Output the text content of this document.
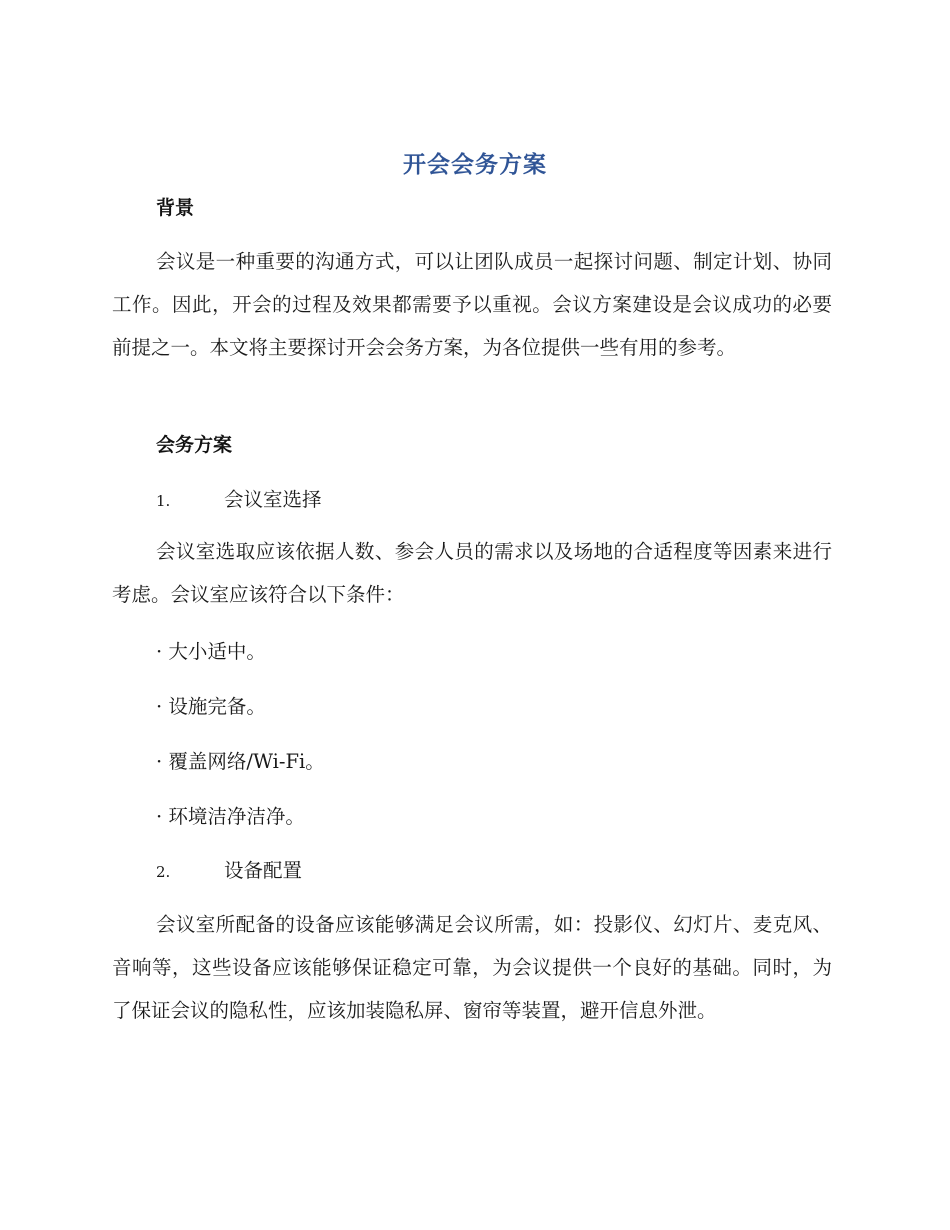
开会会务方案
背景
会议是一种重要的沟通方式，可以让团队成员一起探讨问题、制定计划、协同工作。因此，开会的过程及效果都需要予以重视。会议方案建设是会议成功的必要前提之一。本文将主要探讨开会会务方案，为各位提供一些有用的参考。
会务方案
1.	会议室选择
会议室选取应该依据人数、参会人员的需求以及场地的合适程度等因素来进行考虑。会议室应该符合以下条件：
· 大小适中。
· 设施完备。
· 覆盖网络/Wi-Fi。
· 环境洁净洁净。
2.	设备配置
会议室所配备的设备应该能够满足会议所需，如：投影仪、幻灯片、麦克风、音响等，这些设备应该能够保证稳定可靠，为会议提供一个良好的基础。同时，为了保证会议的隐私性，应该加装隐私屏、窗帘等装置，避开信息外泄。
